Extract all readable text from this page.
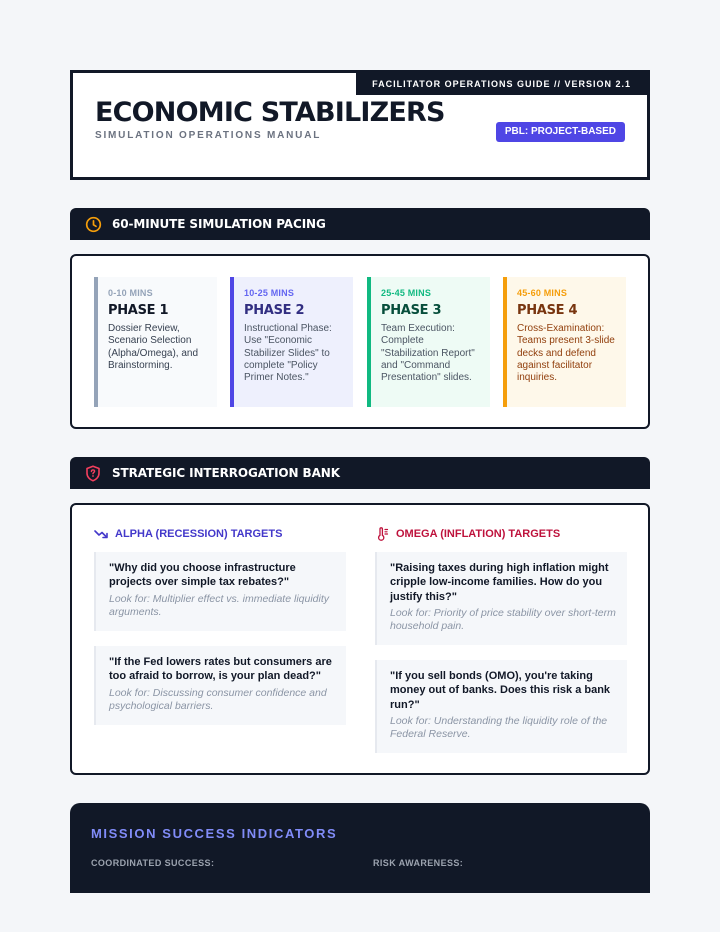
FACILITATOR OPERATIONS GUIDE // VERSION 2.1
ECONOMIC STABILIZERS
SIMULATION OPERATIONS MANUAL	PBL: PROJECT-BASED
60-MINUTE SIMULATION PACING
0-10 MINS
PHASE 1
Dossier Review, Scenario Selection (Alpha/Omega), and Brainstorming.
10-25 MINS
PHASE 2
Instructional Phase: Use "Economic Stabilizer Slides" to complete "Policy Primer Notes."
25-45 MINS
PHASE 3
Team Execution: Complete "Stabilization Report" and "Command Presentation" slides.
45-60 MINS
PHASE 4
Cross-Examination: Teams present 3-slide decks and defend against facilitator inquiries.
STRATEGIC INTERROGATION BANK
ALPHA (RECESSION) TARGETS
"Why did you choose infrastructure projects over simple tax rebates?"
Look for: Multiplier effect vs. immediate liquidity arguments.
"If the Fed lowers rates but consumers are too afraid to borrow, is your plan dead?"
Look for: Discussing consumer confidence and psychological barriers.
OMEGA (INFLATION) TARGETS
"Raising taxes during high inflation might cripple low-income families. How do you justify this?"
Look for: Priority of price stability over short-term household pain.
"If you sell bonds (OMO), you're taking money out of banks. Does this risk a bank run?"
Look for: Understanding the liquidity role of the Federal Reserve.
MISSION SUCCESS INDICATORS
COORDINATED SUCCESS:	RISK AWARENESS:
